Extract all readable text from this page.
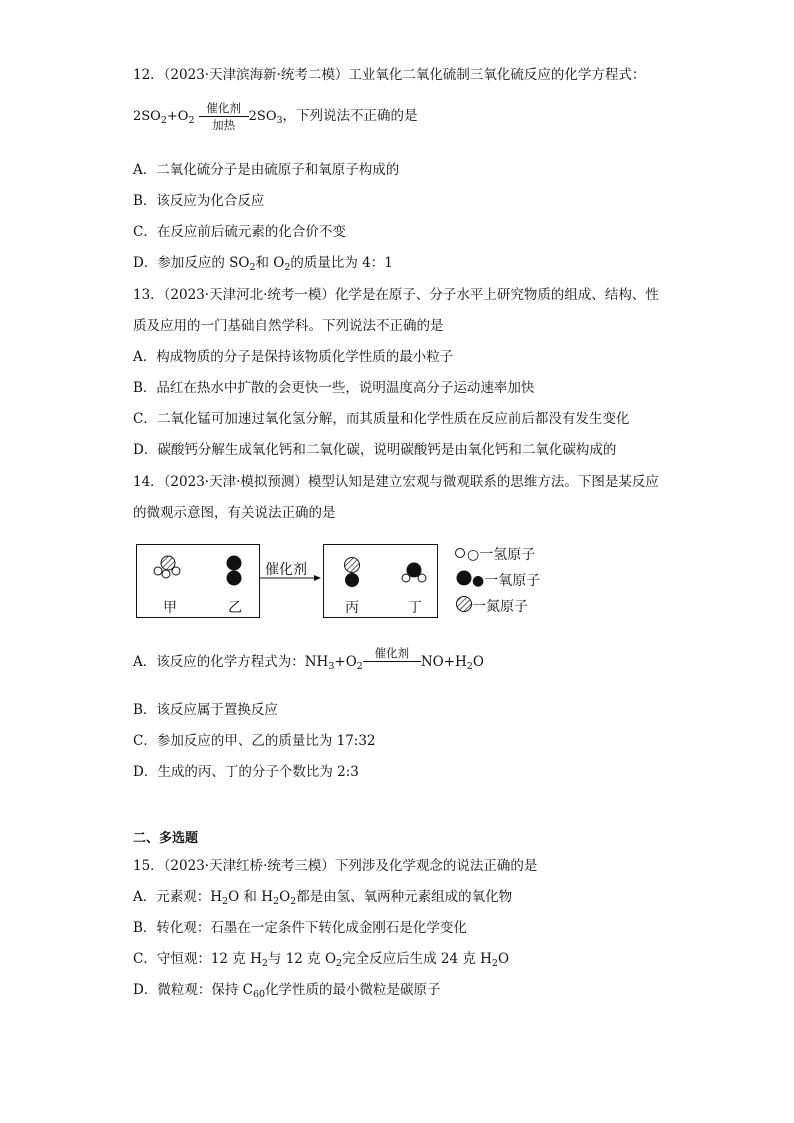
12．（2023·天津滨海新·统考二模）工业氧化二氧化硫制三氧化硫反应的化学方程式：
$2SO_2+O_2 \frac{\text{催化剂}}{\text{加热}} 2SO_3$，下列说法不正确的是
A．二氧化硫分子是由硫原子和氧原子构成的
B．该反应为化合反应
C．在反应前后硫元素的化合价不变
D．参加反应的 $SO_2$和 $O_2$的质量比为 4：1
13．（2023·天津河北·统考一模）化学是在原子、分子水平上研究物质的组成、结构、性
质及应用的一门基础自然学科。下列说法不正确的是
A．构成物质的分子是保持该物质化学性质的最小粒子
B．品红在热水中扩散的会更快一些，说明温度高分子运动速率加快
C．二氧化锰可加速过氧化氢分解，而其质量和化学性质在反应前后都没有发生变化
D．碳酸钙分解生成氧化钙和二氧化碳，说明碳酸钙是由氧化钙和二氧化碳构成的
14．（2023·天津·模拟预测）模型认知是建立宏观与微观联系的思维方法。下图是某反应
的微观示意图，有关说法正确的是
催化剂
甲	乙	丙	丁
○一氢原子
●一氧原子
一氮原子
A．该反应的化学方程式为：$NH_3+O_2$
催化剂
$NO+H_2O$
B．该反应属于置换反应
C．参加反应的甲、乙的质量比为 17:32
D．生成的丙、丁的分子个数比为 2:3
二、多选题
15．（2023·天津红桥·统考三模）下列涉及化学观念的说法正确的是
A．元素观：$H_2O$ 和 $H_2O_2$都是由氢、氧两种元素组成的氧化物
B．转化观：石墨在一定条件下转化成金刚石是化学变化
C．守恒观：12 克 $H_2$与 12 克 $O_2$完全反应后生成 24 克 $H_2O$
D．微粒观：保持 $C_{60}$化学性质的最小微粒是碳原子
